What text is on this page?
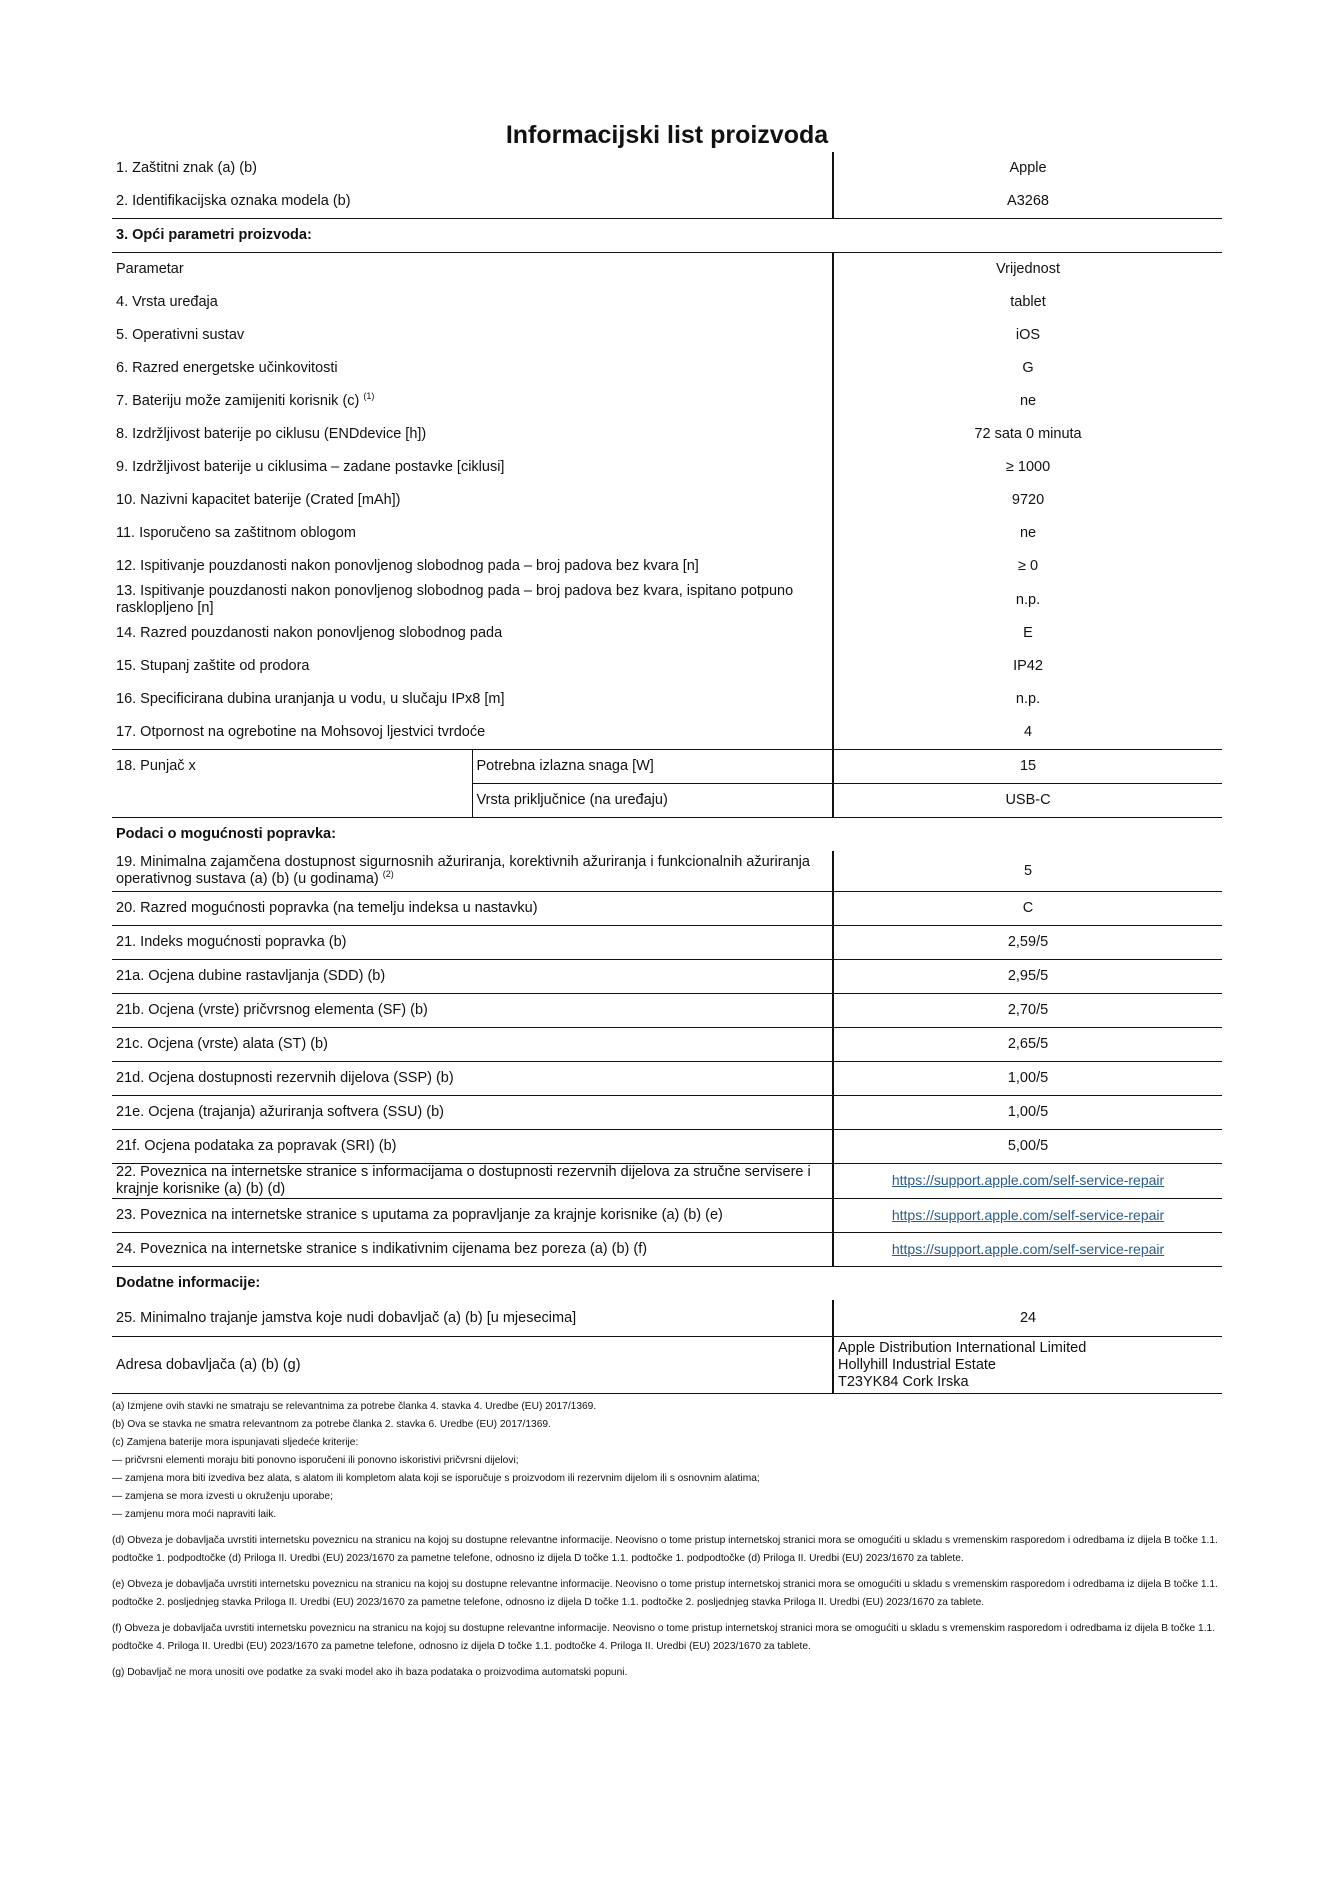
Informacijski list proizvoda
1. Zaštitni znak (a) (b)		Apple
2. Identifikacijska oznaka modela (b)		A3268
3. Opći parametri proizvoda:		
Parametar		Vrijednost
4. Vrsta uređaja		tablet
5. Operativni sustav		iOS
6. Razred energetske učinkovitosti		G
7. Bateriju može zamijeniti korisnik (c) $^{(1)}$		ne
8. Izdržljivost baterije po ciklusu (ENDdevice [h])		72 sata 0 minuta
9. Izdržljivost baterije u ciklusima – zadane postavke [ciklusi]		≥ 1000
10. Nazivni kapacitet baterije (Crated [mAh])		9720
11. Isporučeno sa zaštitnom oblogom		ne
12. Ispitivanje pouzdanosti nakon ponovljenog slobodnog pada – broj padova bez kvara [n]		≥ 0
13. Ispitivanje pouzdanosti nakon ponovljenog slobodnog pada – broj padova bez kvara, ispitano potpuno rasklopljeno [n]		n.p.
14. Razred pouzdanosti nakon ponovljenog slobodnog pada		E
15. Stupanj zaštite od prodora		IP42
16. Specificirana dubina uranjanja u vodu, u slučaju IPx8 [m]		n.p.
17. Otpornost na ogrebotine na Mohsovoj ljestvici tvrdoće		4
18. Punjač x	Potrebna izlazna snaga [W]	15
	Vrsta priključnice (na uređaju)	USB-C
Podaci o mogućnosti popravka:		
19. Minimalna zajamčena dostupnost sigurnosnih ažuriranja, korektivnih ažuriranja i funkcionalnih ažuriranja operativnog sustava (a) (b) (u godinama) $^{(2)}$		5
20. Razred mogućnosti popravka (na temelju indeksa u nastavku)		C
21. Indeks mogućnosti popravka (b)		2,59/5
21a. Ocjena dubine rastavljanja (SDD) (b)		2,95/5
21b. Ocjena (vrste) pričvrsnog elementa (SF) (b)		2,70/5
21c. Ocjena (vrste) alata (ST) (b)		2,65/5
21d. Ocjena dostupnosti rezervnih dijelova (SSP) (b)		1,00/5
21e. Ocjena (trajanja) ažuriranja softvera (SSU) (b)		1,00/5
21f. Ocjena podataka za popravak (SRI) (b)		5,00/5
22. Poveznica na internetske stranice s informacijama o dostupnosti rezervnih dijelova za stručne servisere i krajnje korisnike (a) (b) (d)		https://support.apple.com/self-service-repair
23. Poveznica na internetske stranice s uputama za popravljanje za krajnje korisnike (a) (b) (e)		https://support.apple.com/self-service-repair
24. Poveznica na internetske stranice s indikativnim cijenama bez poreza (a) (b) (f)		https://support.apple.com/self-service-repair
Dodatne informacije:		
25. Minimalno trajanje jamstva koje nudi dobavljač (a) (b) [u mjesecima]		24
Adresa dobavljača (a) (b) (g)		Apple Distribution International Limited
Hollyhill Industrial Estate
T23YK84 Cork Irska

(a) Izmjene ovih stavki ne smatraju se relevantnima za potrebe članka 4. stavka 4. Uredbe (EU) 2017/1369.

(b) Ova se stavka ne smatra relevantnom za potrebe članka 2. stavka 6. Uredbe (EU) 2017/1369.

(c) Zamjena baterije mora ispunjavati sljedeće kriterije:

— pričvrsni elementi moraju biti ponovno isporučeni ili ponovno iskoristivi pričvrsni dijelovi;

— zamjena mora biti izvediva bez alata, s alatom ili kompletom alata koji se isporučuje s proizvodom ili rezervnim dijelom ili s osnovnim alatima;

— zamjena se mora izvesti u okruženju uporabe;

— zamjenu mora moći napraviti laik.

(d) Obveza je dobavljača uvrstiti internetsku poveznicu na stranicu na kojoj su dostupne relevantne informacije. Neovisno o tome pristup internetskoj stranici mora se omogućiti u skladu s vremenskim rasporedom i odredbama iz dijela B točke 1.1. podtočke 1. podpodtočke (d) Priloga II. Uredbi (EU) 2023/1670 za pametne telefone, odnosno iz dijela D točke 1.1. podtočke 1. podpodtočke (d) Priloga II. Uredbi (EU) 2023/1670 za tablete.

(e) Obveza je dobavljača uvrstiti internetsku poveznicu na stranicu na kojoj su dostupne relevantne informacije. Neovisno o tome pristup internetskoj stranici mora se omogućiti u skladu s vremenskim rasporedom i odredbama iz dijela B točke 1.1. podtočke 2. posljednjeg stavka Priloga II. Uredbi (EU) 2023/1670 za pametne telefone, odnosno iz dijela D točke 1.1. podtočke 2. posljednjeg stavka Priloga II. Uredbi (EU) 2023/1670 za tablete.

(f) Obveza je dobavljača uvrstiti internetsku poveznicu na stranicu na kojoj su dostupne relevantne informacije. Neovisno o tome pristup internetskoj stranici mora se omogućiti u skladu s vremenskim rasporedom i odredbama iz dijela B točke 1.1. podtočke 4. Priloga II. Uredbi (EU) 2023/1670 za pametne telefone, odnosno iz dijela D točke 1.1. podtočke 4. Priloga II. Uredbi (EU) 2023/1670 za tablete.

(g) Dobavljač ne mora unositi ove podatke za svaki model ako ih baza podataka o proizvodima automatski popuni.
